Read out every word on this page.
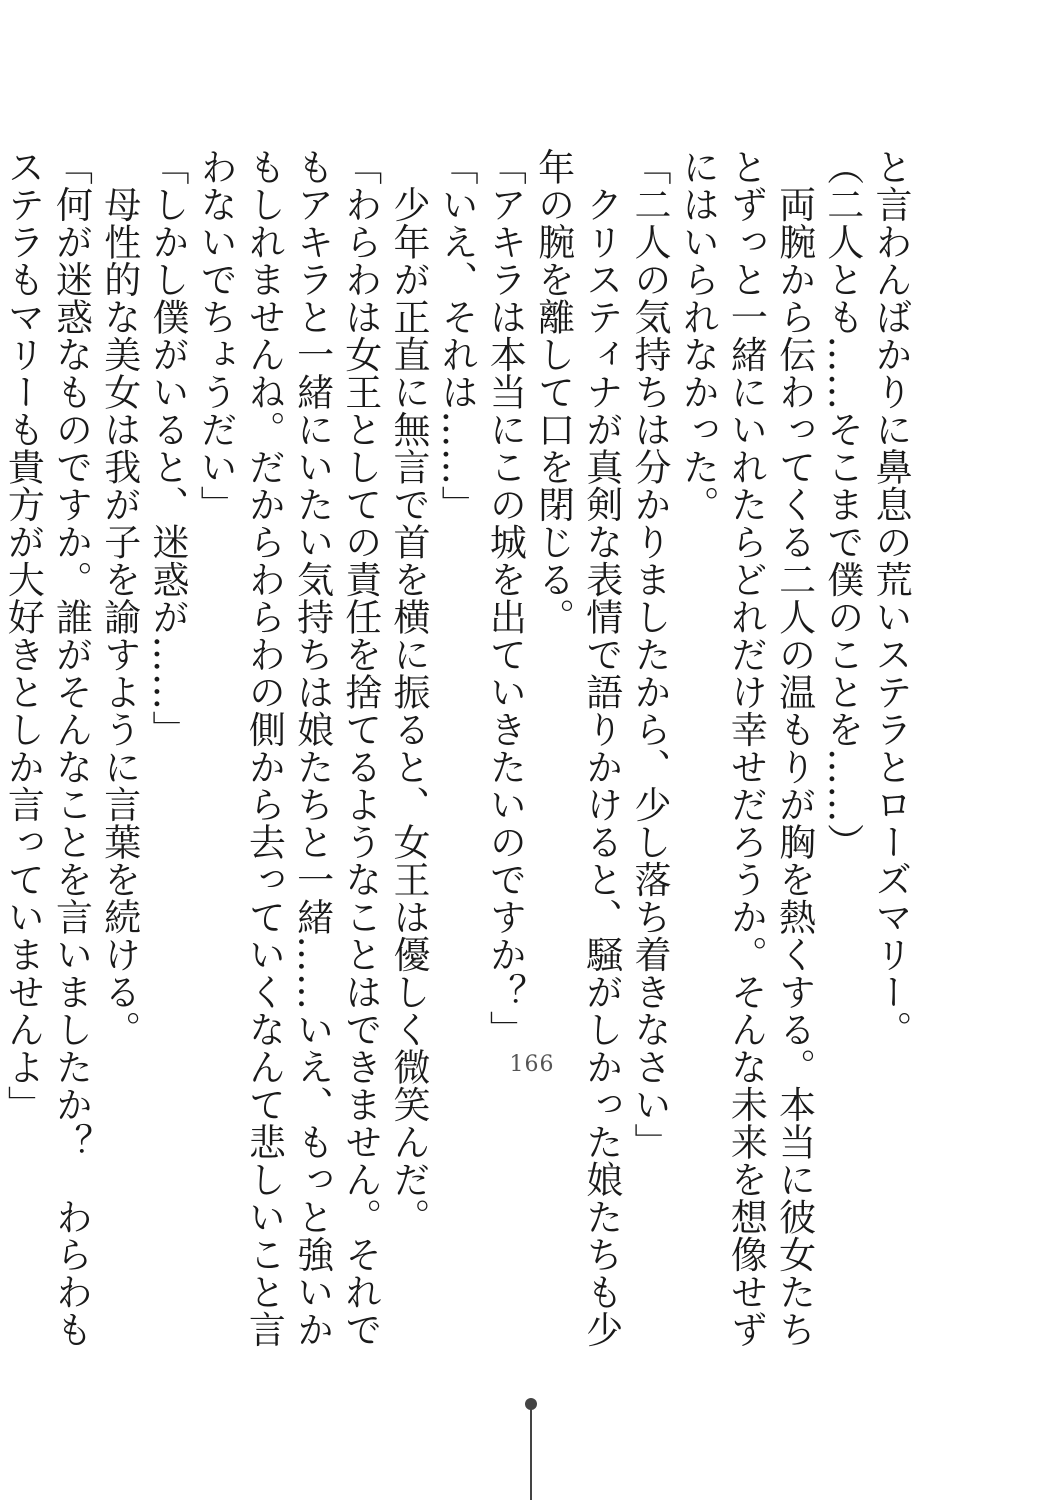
と言わんばかりに鼻息の荒いステラとローズマリー。

（二人とも……そこまで僕のことを……）

　両腕から伝わってくる二人の温もりが胸を熱くする。本当に彼女たちとずっと一緒にいれたらどれだけ幸せだろうか。そんな未来を想像せずにはいられなかった。

「二人の気持ちは分かりましたから、少し落ち着きなさい」

　クリスティナが真剣な表情で語りかけると、騒がしかった娘たちも少年の腕を離して口を閉じる。

「アキラは本当にこの城を出ていきたいのですか？」

「いえ、それは……」

　少年が正直に無言で首を横に振ると、女王は優しく微笑んだ。

「わらわは女王としての責任を捨てるようなことはできません。それでもアキラと一緒にいたい気持ちは娘たちと一緒……いえ、もっと強いかもしれませんね。だからわらわの側から去っていくなんて悲しいこと言わないでちょうだい」

「しかし僕がいると、迷惑が……」

　母性的な美女は我が子を諭すように言葉を続ける。

「何が迷惑なものですか。誰がそんなことを言いましたか？　わらわもステラもマリーも貴方が大好きとしか言っていませんよ」	166
